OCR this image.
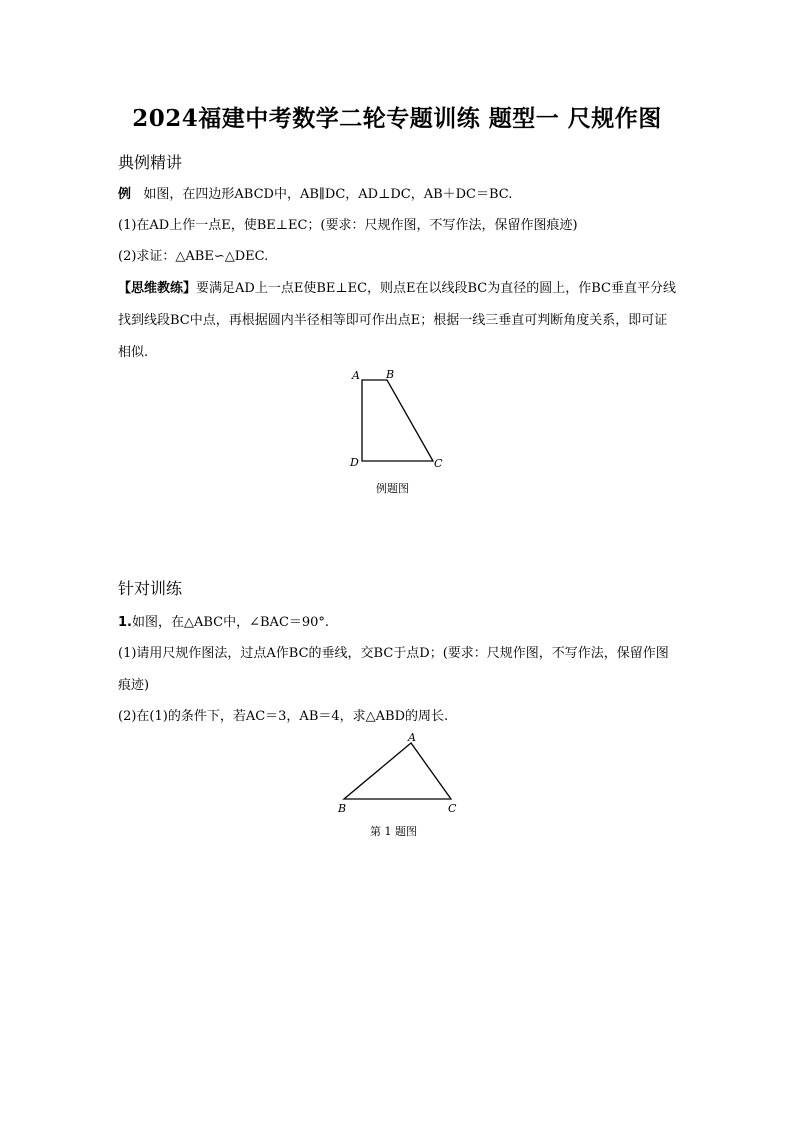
2024福建中考数学二轮专题训练 题型一 尺规作图
典例精讲
例 如图，在四边形ABCD中，AB∥DC，AD⊥DC，AB＋DC＝BC.
(1)在AD上作一点E，使BE⊥EC；(要求：尺规作图，不写作法，保留作图痕迹)
(2)求证：△ABE∽△DEC.
【思维教练】要满足AD上一点E使BE⊥EC，则点E在以线段BC为直径的圆上，作BC垂直平分线找到线段BC中点，再根据圆内半径相等即可作出点E；根据一线三垂直可判断角度关系，即可证相似.
A B
C
D
例题图
针对训练
1.如图，在△ABC中，∠BAC＝90°.
(1)请用尺规作图法，过点A作BC的垂线，交BC于点D；(要求：尺规作图，不写作法，保留作图痕迹)
(2)在(1)的条件下，若AC＝3，AB＝4，求△ABD的周长.
A
B	C
第 1 题图
